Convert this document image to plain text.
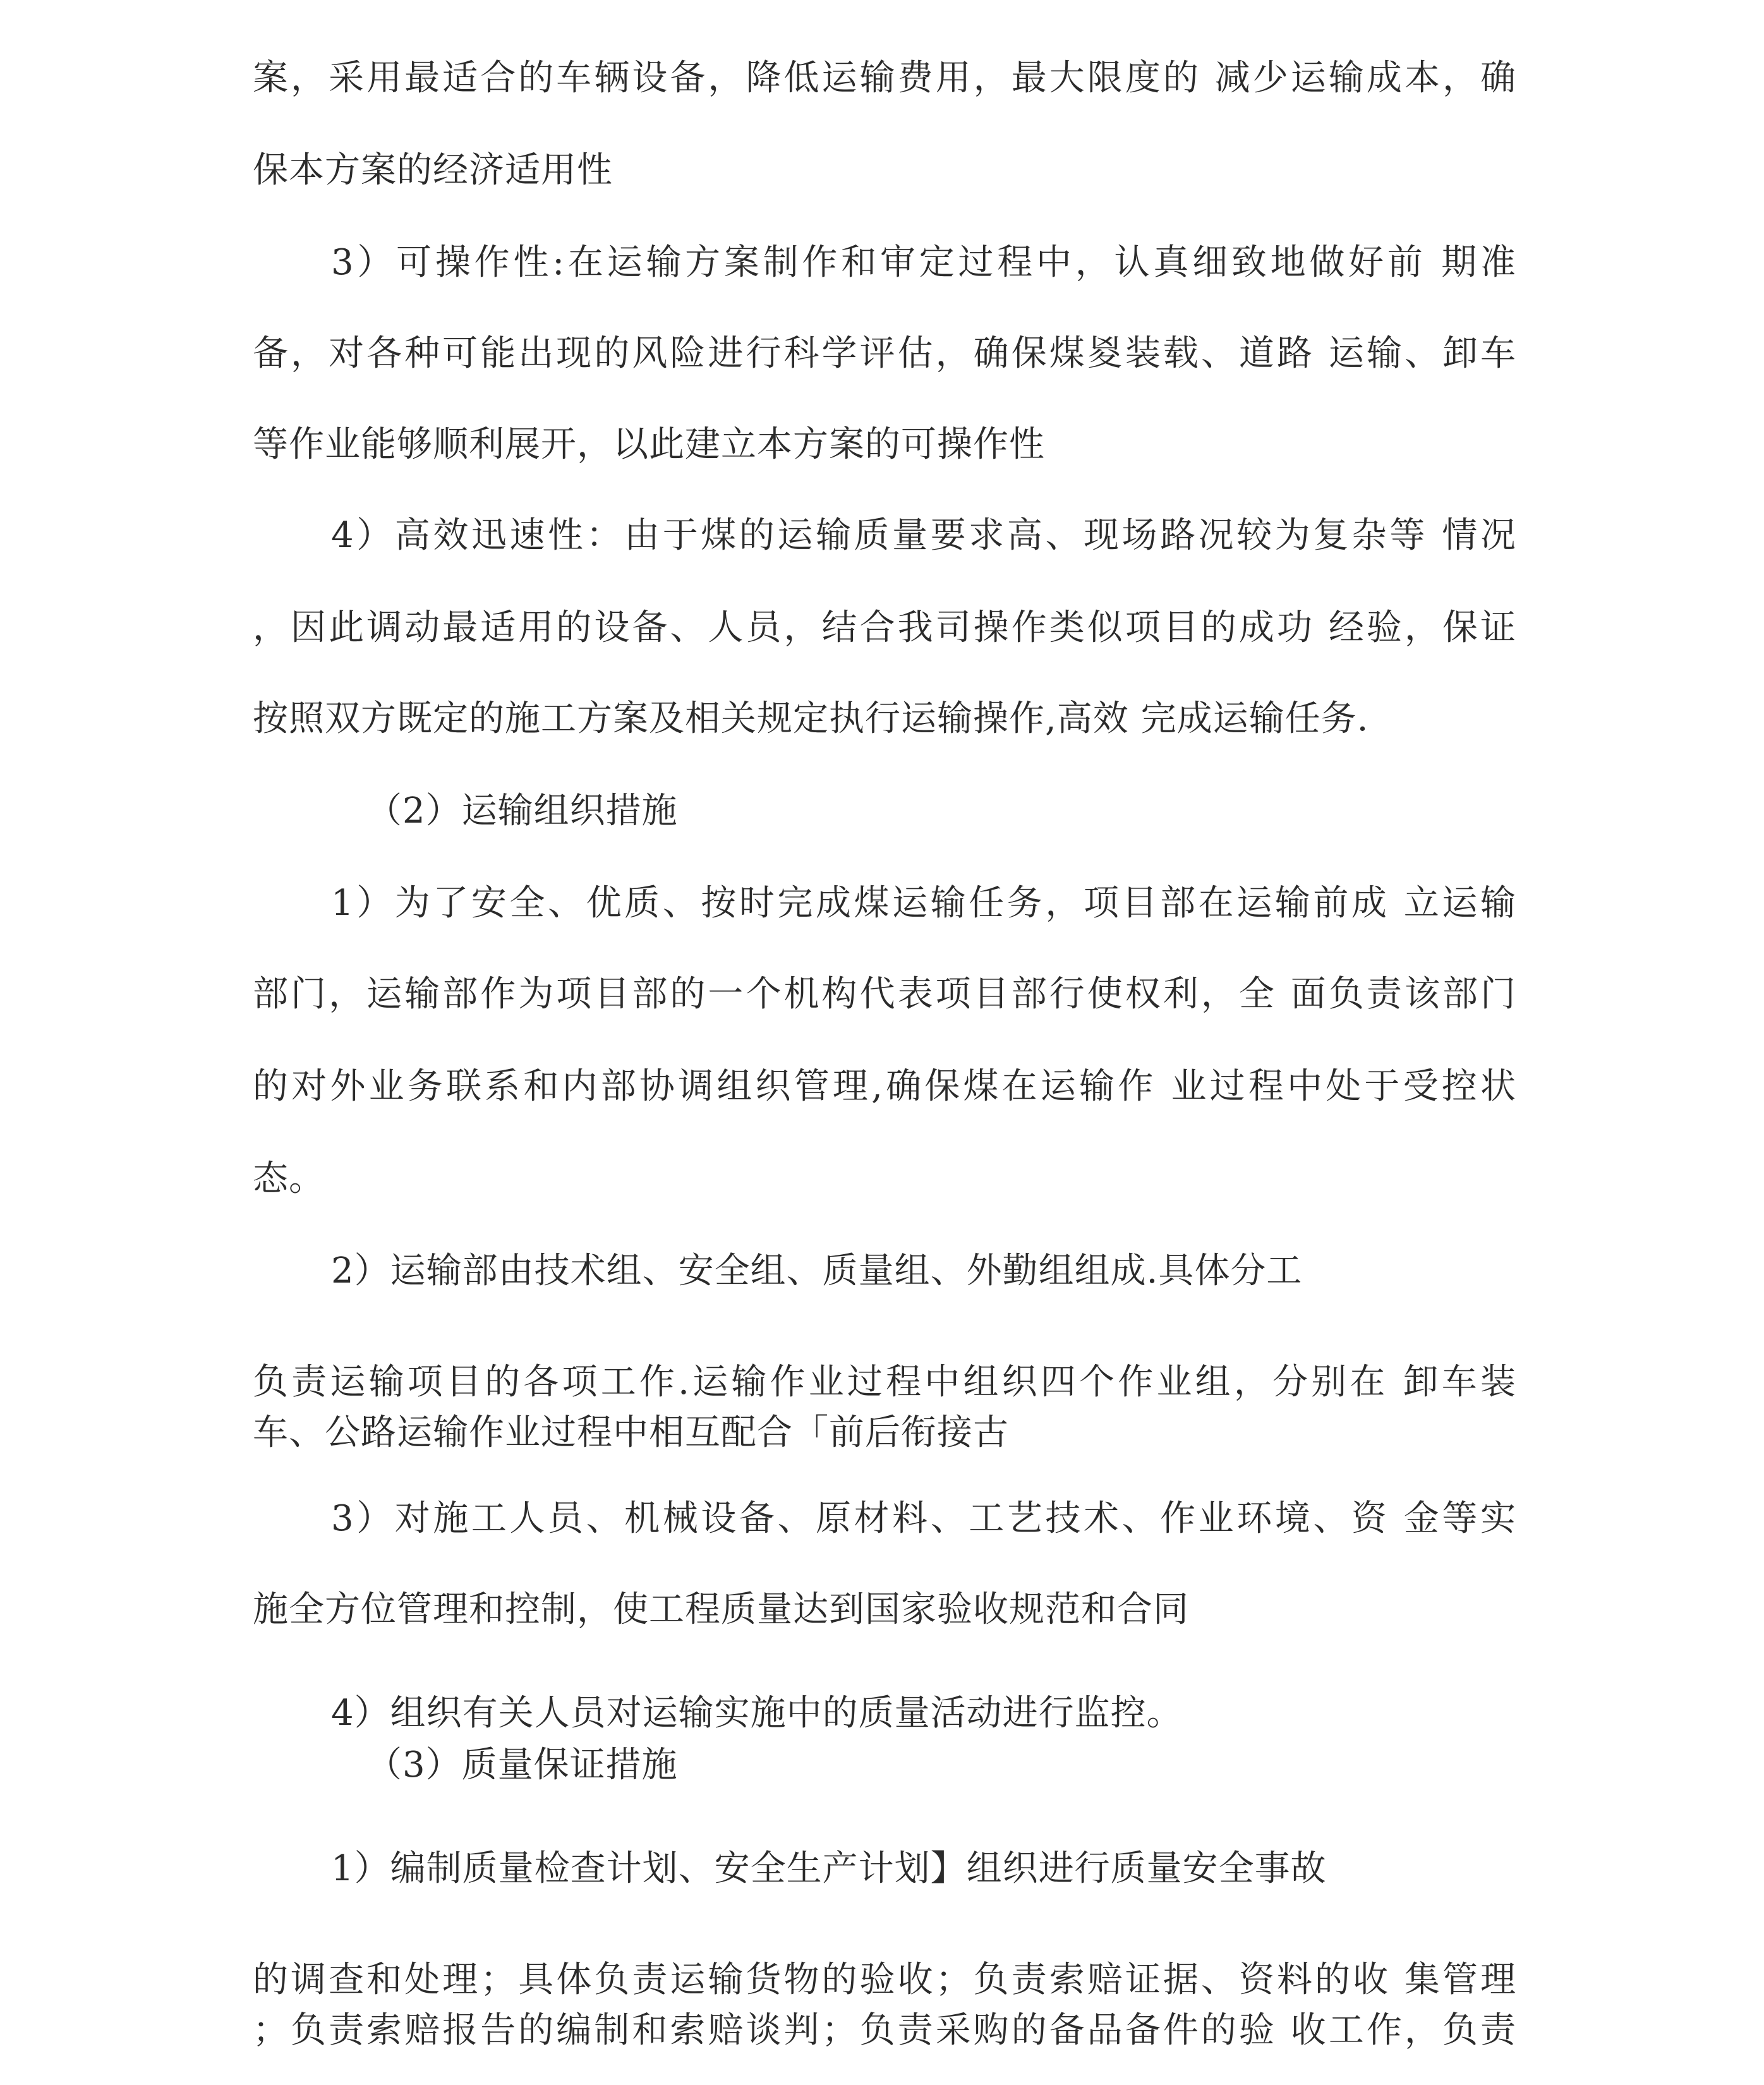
案，采用最适合的车辆设备，降低运输费用，最大限度的 减少运输成本，确
保本方案的经济适用性
3）可操作性:在运输方案制作和审定过程中，认真细致地做好前 期准
备，对各种可能出现的风险进行科学评估，确保煤㚇装载、道路 运输、卸车
等作业能够顺利展开，以此建立本方案的可操作性
4）高效迅速性：由于煤的运输质量要求高、现场路况较为复杂等 情况
，因此调动最适用的设备、人员，结合我司操作类似项目的成功 经验，保证
按照双方既定的施工方案及相关规定执行运输操作,高效 完成运输任务.
（2）运输组织措施
1）为了安全、优质、按时完成煤运输任务，项目部在运输前成 立运输
部门，运输部作为项目部的一个机构代表项目部行使权利，全 面负责该部门
的对外业务联系和内部协调组织管理,确保煤在运输作 业过程中处于受控状
态。
2）运输部由技术组、安全组、质量组、外勤组组成.具体分工
负责运输项目的各项工作.运输作业过程中组织四个作业组，分别在 卸车装
车、公路运输作业过程中相互配合「前后衔接古
3）对施工人员、机械设备、原材料、工艺技术、作业环境、资 金等实
施全方位管理和控制，使工程质量达到国家验收规范和合同
4）组织有关人员对运输实施中的质量活动进行监控。
（3）质量保证措施
1）编制质量检查计划、安全生产计划】组织进行质量安全事故
的调查和处理；具体负责运输货物的验收；负责索赔证据、资料的收 集管理
；负责索赔报告的编制和索赔谈判；负责采购的备品备件的验 收工作，负责
